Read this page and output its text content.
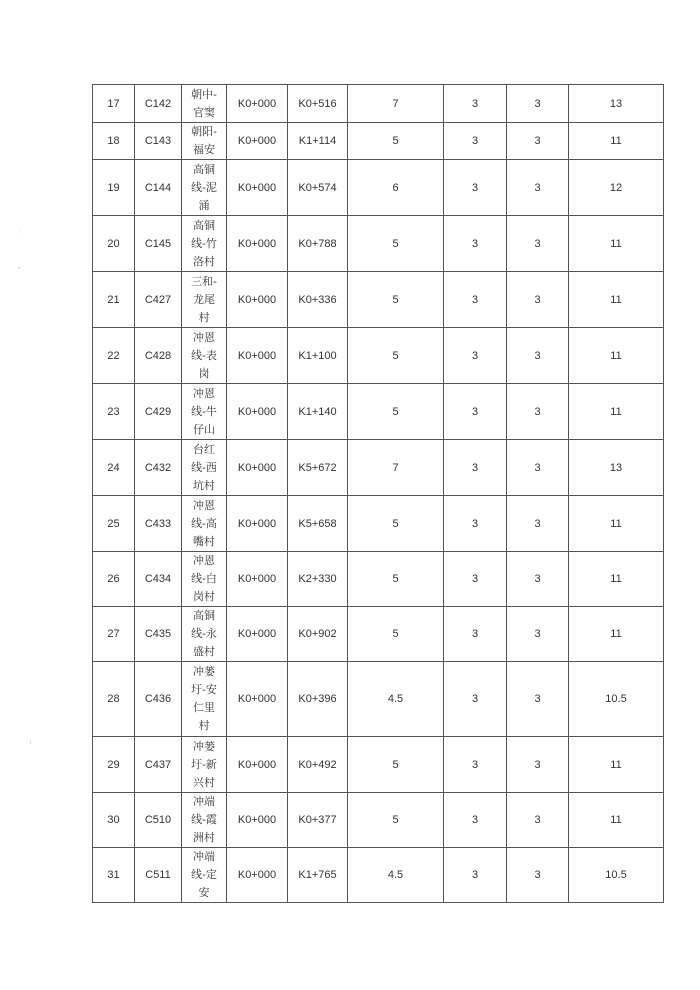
˛
•
ı
17	C142	朝中-
官窦	K0+000	K0+516	7	3	3	13
18	C143	朝阳-
福安	K0+000	K1+114	5	3	3	11
19	C144	高铜
线-泥
涌	K0+000	K0+574	6	3	3	12
20	C145	高铜
线-竹
洛村	K0+000	K0+788	5	3	3	11
21	C427	三和-
龙尾
村	K0+000	K0+336	5	3	3	11
22	C428	冲恩
线-表
岗	K0+000	K1+100	5	3	3	11
23	C429	冲恩
线-牛
仔山	K0+000	K1+140	5	3	3	11
24	C432	台红
线-西
坑村	K0+000	K5+672	7	3	3	13
25	C433	冲恩
线-高
嘴村	K0+000	K5+658	5	3	3	11
26	C434	冲恩
线-白
岗村	K0+000	K2+330	5	3	3	11
27	C435	高铜
线-永
盛村	K0+000	K0+902	5	3	3	11
28	C436	冲蒌
圩-安
仁里
村	K0+000	K0+396	4.5	3	3	10.5
29	C437	冲蒌
圩-新
兴村	K0+000	K0+492	5	3	3	11
30	C510	冲端
线-霞
洲村	K0+000	K0+377	5	3	3	11
31	C511	冲端
线-定
安	K0+000	K1+765	4.5	3	3	10.5
